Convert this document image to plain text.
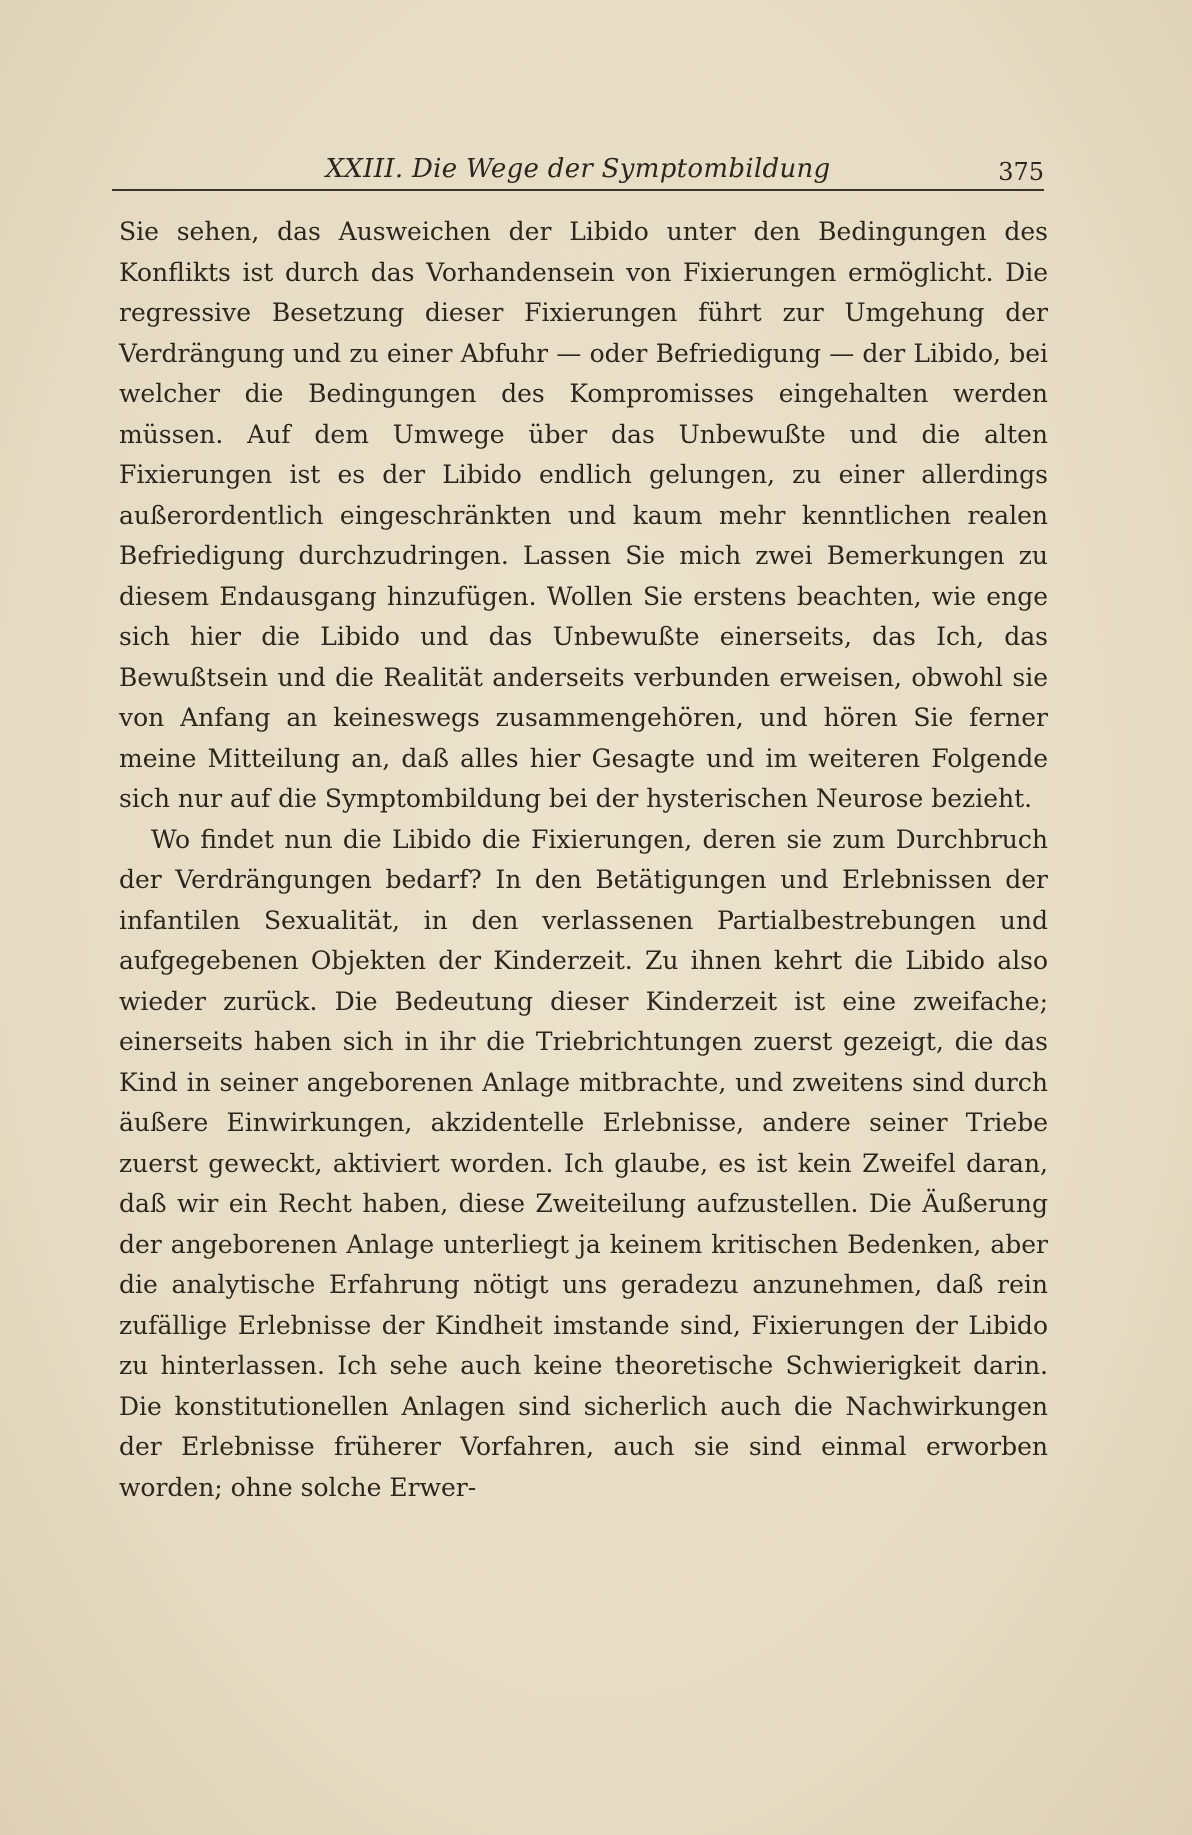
XXIII. Die Wege der Symptombildung	375

Sie sehen, das Ausweichen der Libido unter den Bedingungen des Konflikts ist durch das Vorhandensein von Fixierungen ermöglicht. Die regressive Besetzung dieser Fixierungen führt zur Umgehung der Verdrängung und zu einer Abfuhr — oder Befriedigung — der Libido, bei welcher die Bedingungen des Kompromisses eingehalten werden müssen. Auf dem Umwege über das Unbewußte und die alten Fixierungen ist es der Libido endlich gelungen, zu einer allerdings außerordentlich eingeschränkten und kaum mehr kenntlichen realen Befriedigung durchzudringen. Lassen Sie mich zwei Bemerkungen zu diesem Endausgang hinzufügen. Wollen Sie erstens beachten, wie enge sich hier die Libido und das Unbewußte einerseits, das Ich, das Bewußtsein und die Realität anderseits verbunden erweisen, obwohl sie von Anfang an keineswegs zusammengehören, und hören Sie ferner meine Mitteilung an, daß alles hier Gesagte und im weiteren Folgende sich nur auf die Symptombildung bei der hysterischen Neurose bezieht.

Wo findet nun die Libido die Fixierungen, deren sie zum Durchbruch der Verdrängungen bedarf? In den Betätigungen und Erlebnissen der infantilen Sexualität, in den verlassenen Partialbestrebungen und aufgegebenen Objekten der Kinderzeit. Zu ihnen kehrt die Libido also wieder zurück. Die Bedeutung dieser Kinderzeit ist eine zweifache; einerseits haben sich in ihr die Triebrichtungen zuerst gezeigt, die das Kind in seiner angeborenen Anlage mitbrachte, und zweitens sind durch äußere Einwirkungen, akzidentelle Erlebnisse, andere seiner Triebe zuerst geweckt, aktiviert worden. Ich glaube, es ist kein Zweifel daran, daß wir ein Recht haben, diese Zweiteilung aufzustellen. Die Äußerung der angeborenen Anlage unterliegt ja keinem kritischen Bedenken, aber die analytische Erfahrung nötigt uns geradezu anzunehmen, daß rein zufällige Erlebnisse der Kindheit imstande sind, Fixierungen der Libido zu hinterlassen. Ich sehe auch keine theoretische Schwierigkeit darin. Die konstitutionellen Anlagen sind sicherlich auch die Nachwirkungen der Erlebnisse früherer Vorfahren, auch sie sind einmal erworben worden; ohne solche Erwer-
